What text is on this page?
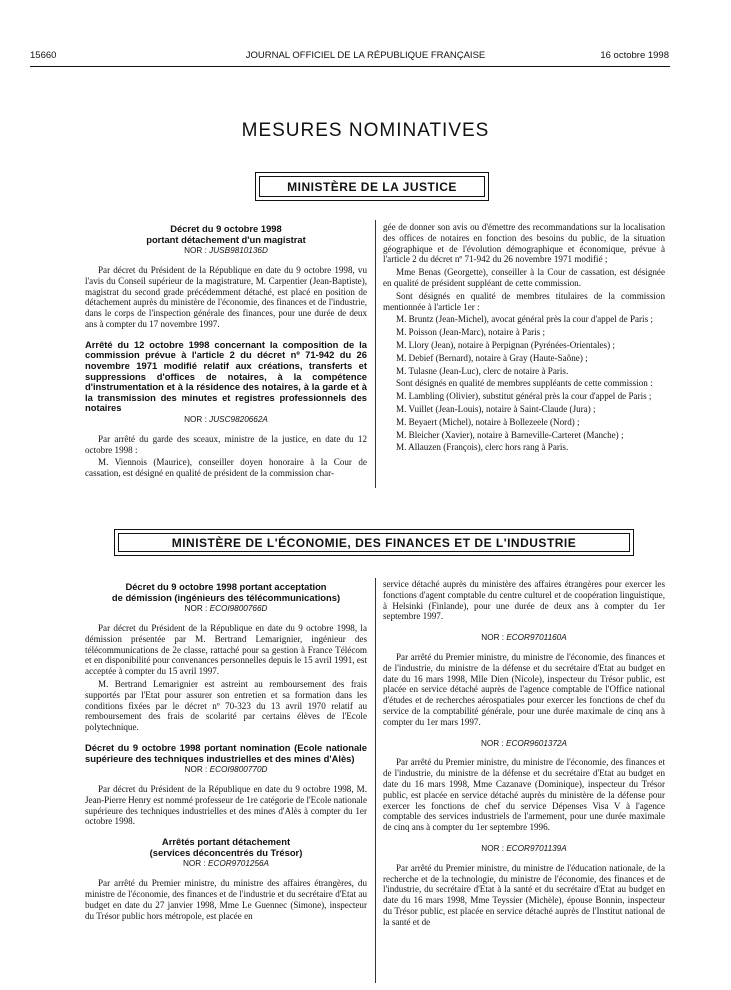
15660	JOURNAL OFFICIEL DE LA RÉPUBLIQUE FRANÇAISE	16 octobre 1998
MESURES NOMINATIVES
MINISTÈRE DE LA JUSTICE
Décret du 9 octobre 1998
portant détachement d'un magistrat
NOR : JUSB9810136D

Par décret du Président de la République en date du 9 octobre 1998, vu l'avis du Conseil supérieur de la magistrature, M. Carpentier (Jean-Baptiste), magistrat du second grade précédemment détaché, est placé en position de détachement auprès du ministère de l'économie, des finances et de l'industrie, dans le corps de l'inspection générale des finances, pour une durée de deux ans à compter du 17 novembre 1997.

Arrêté du 12 octobre 1998 concernant la composition de la commission prévue à l'article 2 du décret nº 71-942 du 26 novembre 1971 modifié relatif aux créations, transferts et suppressions d'offices de notaires, à la compétence d'instrumentation et à la résidence des notaires, à la garde et à la transmission des minutes et registres professionnels des notaires
NOR : JUSC9820662A

Par arrêté du garde des sceaux, ministre de la justice, en date du 12 octobre 1998 :

M. Viennois (Maurice), conseiller doyen honoraire à la Cour de cassation, est désigné en qualité de président de la commission char-

gée de donner son avis ou d'émettre des recommandations sur la localisation des offices de notaires en fonction des besoins du public, de la situation géographique et de l'évolution démographique et économique, prévue à l'article 2 du décret nº 71-942 du 26 novembre 1971 modifié ;

Mme Benas (Georgette), conseiller à la Cour de cassation, est désignée en qualité de président suppléant de cette commission.

Sont désignés en qualité de membres titulaires de la commission mentionnée à l'article 1er :

M. Bruntz (Jean-Michel), avocat général près la cour d'appel de Paris ;

M. Poisson (Jean-Marc), notaire à Paris ;

M. Llory (Jean), notaire à Perpignan (Pyrénées-Orientales) ;

M. Debief (Bernard), notaire à Gray (Haute-Saône) ;

M. Tulasne (Jean-Luc), clerc de notaire à Paris.

Sont désignés en qualité de membres suppléants de cette commission :

M. Lambling (Olivier), substitut général près la cour d'appel de Paris ;

M. Vuillet (Jean-Louis), notaire à Saint-Claude (Jura) ;

M. Beyaert (Michel), notaire à Bollezeele (Nord) ;

M. Bleicher (Xavier), notaire à Barneville-Carteret (Manche) ;

M. Allauzen (François), clerc hors rang à Paris.

MINISTÈRE DE L'ÉCONOMIE, DES FINANCES ET DE L'INDUSTRIE
Décret du 9 octobre 1998 portant acceptation
de démission (ingénieurs des télécommunications)
NOR : ECOI9800766D

Par décret du Président de la République en date du 9 octobre 1998, la démission présentée par M. Bertrand Lemarignier, ingénieur des télécommunications de 2e classe, rattaché pour sa gestion à France Télécom et en disponibilité pour convenances personnelles depuis le 15 avril 1991, est acceptée à compter du 15 avril 1997.

M. Bertrand Lemarignier est astreint au remboursement des frais supportés par l'Etat pour assurer son entretien et sa formation dans les conditions fixées par le décret nº 70-323 du 13 avril 1970 relatif au remboursement des frais de scolarité par certains élèves de l'Ecole polytechnique.

Décret du 9 octobre 1998 portant nomination (Ecole nationale supérieure des techniques industrielles et des mines d'Alès)
NOR : ECOI9800770D

Par décret du Président de la République en date du 9 octobre 1998, M. Jean-Pierre Henry est nommé professeur de 1re catégorie de l'Ecole nationale supérieure des techniques industrielles et des mines d'Alès à compter du 1er octobre 1998.

Arrêtés portant détachement
(services déconcentrés du Trésor)
NOR : ECOR9701256A

Par arrêté du Premier ministre, du ministre des affaires étrangères, du ministre de l'économie, des finances et de l'industrie et du secrétaire d'Etat au budget en date du 27 janvier 1998, Mme Le Guennec (Simone), inspecteur du Trésor public hors métropole, est placée en

service détaché auprès du ministère des affaires étrangères pour exercer les fonctions d'agent comptable du centre culturel et de coopération linguistique, à Helsinki (Finlande), pour une durée de deux ans à compter du 1er septembre 1997.

NOR : ECOR9701160A

Par arrêté du Premier ministre, du ministre de l'économie, des finances et de l'industrie, du ministre de la défense et du secrétaire d'Etat au budget en date du 16 mars 1998, Mlle Dien (Nicole), inspecteur du Trésor public, est placée en service détaché auprès de l'agence comptable de l'Office national d'études et de recherches aérospatiales pour exercer les fonctions de chef du service de la comptabilité générale, pour une durée maximale de cinq ans à compter du 1er mars 1997.

NOR : ECOR9601372A

Par arrêté du Premier ministre, du ministre de l'économie, des finances et de l'industrie, du ministre de la défense et du secrétaire d'Etat au budget en date du 16 mars 1998, Mme Cazanave (Dominique), inspecteur du Trésor public, est placée en service détaché auprès du ministère de la défense pour exercer les fonctions de chef du service Dépenses Visa V à l'agence comptable des services industriels de l'armement, pour une durée maximale de cinq ans à compter du 1er septembre 1996.

NOR : ECOR9701139A

Par arrêté du Premier ministre, du ministre de l'éducation nationale, de la recherche et de la technologie, du ministre de l'économie, des finances et de l'industrie, du secrétaire d'Etat à la santé et du secrétaire d'Etat au budget en date du 16 mars 1998, Mme Teyssier (Michèle), épouse Bonnin, inspecteur du Trésor public, est placée en service détaché auprès de l'Institut national de la santé et de
